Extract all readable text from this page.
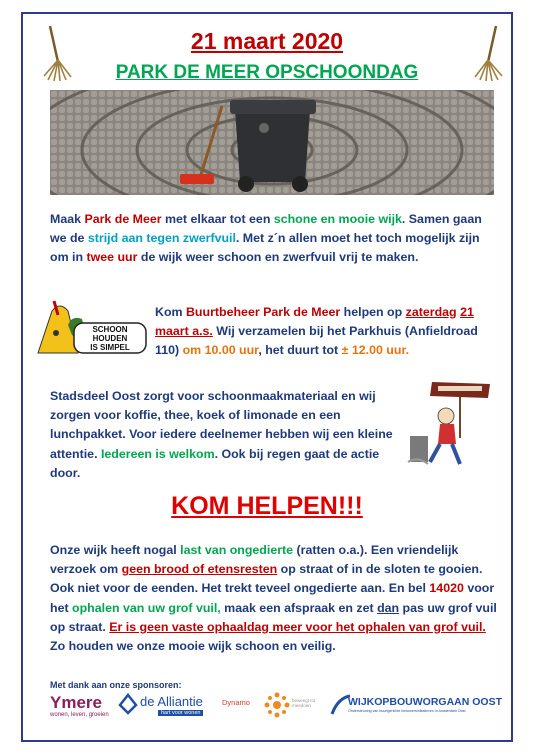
21 maart 2020
PARK DE MEER OPSCHOONDAG
Maak Park de Meer met elkaar tot een schone en mooie wijk. Samen gaan we de strijd aan tegen zwerfvuil. Met z´n allen moet het toch mogelijk zijn om in twee uur de wijk weer schoon en zwerfvuil vrij te maken.
SCHOON
HOUDEN
IS SIMPEL
Kom Buurtbeheer Park de Meer helpen op zaterdag 21 maart a.s. Wij verzamelen bij het Parkhuis (Anfieldroad 110) om 10.00 uur, het duurt tot ± 12.00 uur.
Stadsdeel Oost zorgt voor schoonmaakmateriaal en wij zorgen voor koffie, thee, koek of limonade en een lunchpakket. Voor iedere deelnemer hebben wij een kleine attentie. Iedereen is welkom. Ook bij regen gaat de actie door.
KOM HELPEN!!!
Onze wijk heeft nogal last van ongedierte (ratten o.a.). Een vriendelijk verzoek om geen brood of etensresten op straat of in de sloten te gooien. Ook niet voor de eenden. Het trekt teveel ongedierte aan. En bel 14020 voor het ophalen van uw grof vuil, maak een afspraak en zet dan pas uw grof vuil op straat. Er is geen vaste ophaaldag meer voor het ophalen van grof vuil. Zo houden we onze mooie wijk schoon en veilig.
Met dank aan onze sponsoren:
Ymere
wonen, leven, groeien
de Alliantie
hart voor wonen
Dynamo	beweegt tot meedoen	WIJKOPBOUWORGAAN OOST
Ondersteuning van buurtgerichte bewonersinitiatieven in Amsterdam Oost
